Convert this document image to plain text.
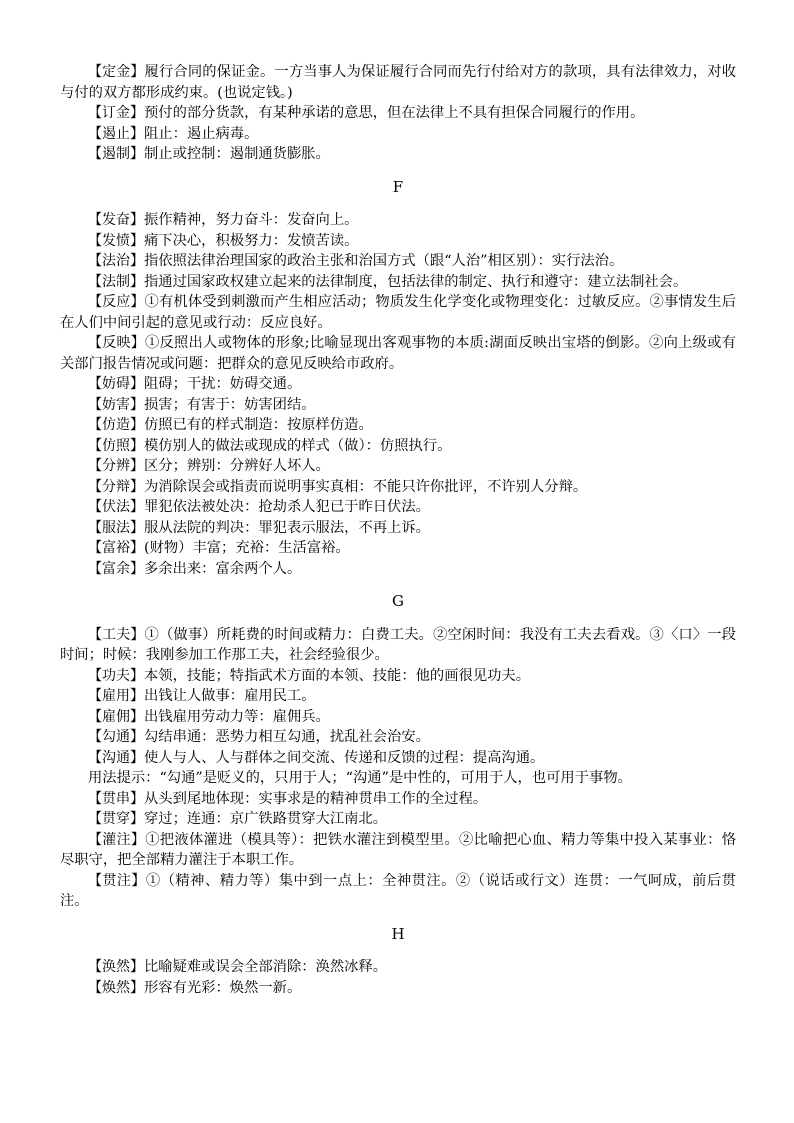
【定金】履行合同的保证金。一方当事人为保证履行合同而先行付给对方的款项，具有法律效力，对收与付的双方都形成约束。(也说定钱。)

【订金】预付的部分货款，有某种承诺的意思，但在法律上不具有担保合同履行的作用。

【遏止】阻止：遏止病毒。

【遏制】制止或控制：遏制通货膨胀。

F

【发奋】振作精神，努力奋斗：发奋向上。

【发愤】痛下决心，积极努力：发愤苦读。

【法治】指依照法律治理国家的政治主张和治国方式（跟“人治”相区别）：实行法治。

【法制】指通过国家政权建立起来的法律制度，包括法律的制定、执行和遵守：建立法制社会。

【反应】①有机体受到刺激而产生相应活动；物质发生化学变化或物理变化：过敏反应。②事情发生后在人们中间引起的意见或行动：反应良好。

【反映】①反照出人或物体的形象;比喻显现出客观事物的本质:湖面反映出宝塔的倒影。②向上级或有关部门报告情况或问题：把群众的意见反映给市政府。

【妨碍】阻碍；干扰：妨碍交通。

【妨害】损害；有害于：妨害团结。

【仿造】仿照已有的样式制造：按原样仿造。

【仿照】模仿别人的做法或现成的样式（做）：仿照执行。

【分辨】区分；辨别：分辨好人坏人。

【分辩】为消除误会或指责而说明事实真相：不能只许你批评，不许别人分辩。

【伏法】罪犯依法被处决：抢劫杀人犯已于昨日伏法。

【服法】服从法院的判决：罪犯表示服法，不再上诉。

【富裕】(财物）丰富；充裕：生活富裕。

【富余】多余出来：富余两个人。

G

【工夫】①（做事）所耗费的时间或精力：白费工夫。②空闲时间：我没有工夫去看戏。③〈口〉一段时间；时候：我刚参加工作那工夫，社会经验很少。

【功夫】本领，技能；特指武术方面的本领、技能：他的画很见功夫。

【雇用】出钱让人做事：雇用民工。

【雇佣】出钱雇用劳动力等：雇佣兵。

【勾通】勾结串通：恶势力相互勾通，扰乱社会治安。

【沟通】使人与人、人与群体之间交流、传递和反馈的过程：提高沟通。

用法提示：“勾通”是贬义的，只用于人；“沟通”是中性的，可用于人，也可用于事物。

【贯串】从头到尾地体现：实事求是的精神贯串工作的全过程。

【贯穿】穿过；连通：京广铁路贯穿大江南北。

【灌注】①把液体灌进（模具等）：把铁水灌注到模型里。②比喻把心血、精力等集中投入某事业：恪尽职守，把全部精力灌注于本职工作。

【贯注】①（精神、精力等）集中到一点上：全神贯注。②（说话或行文）连贯：一气呵成，前后贯注。

H

【涣然】比喻疑难或误会全部消除：涣然冰释。

【焕然】形容有光彩：焕然一新。
